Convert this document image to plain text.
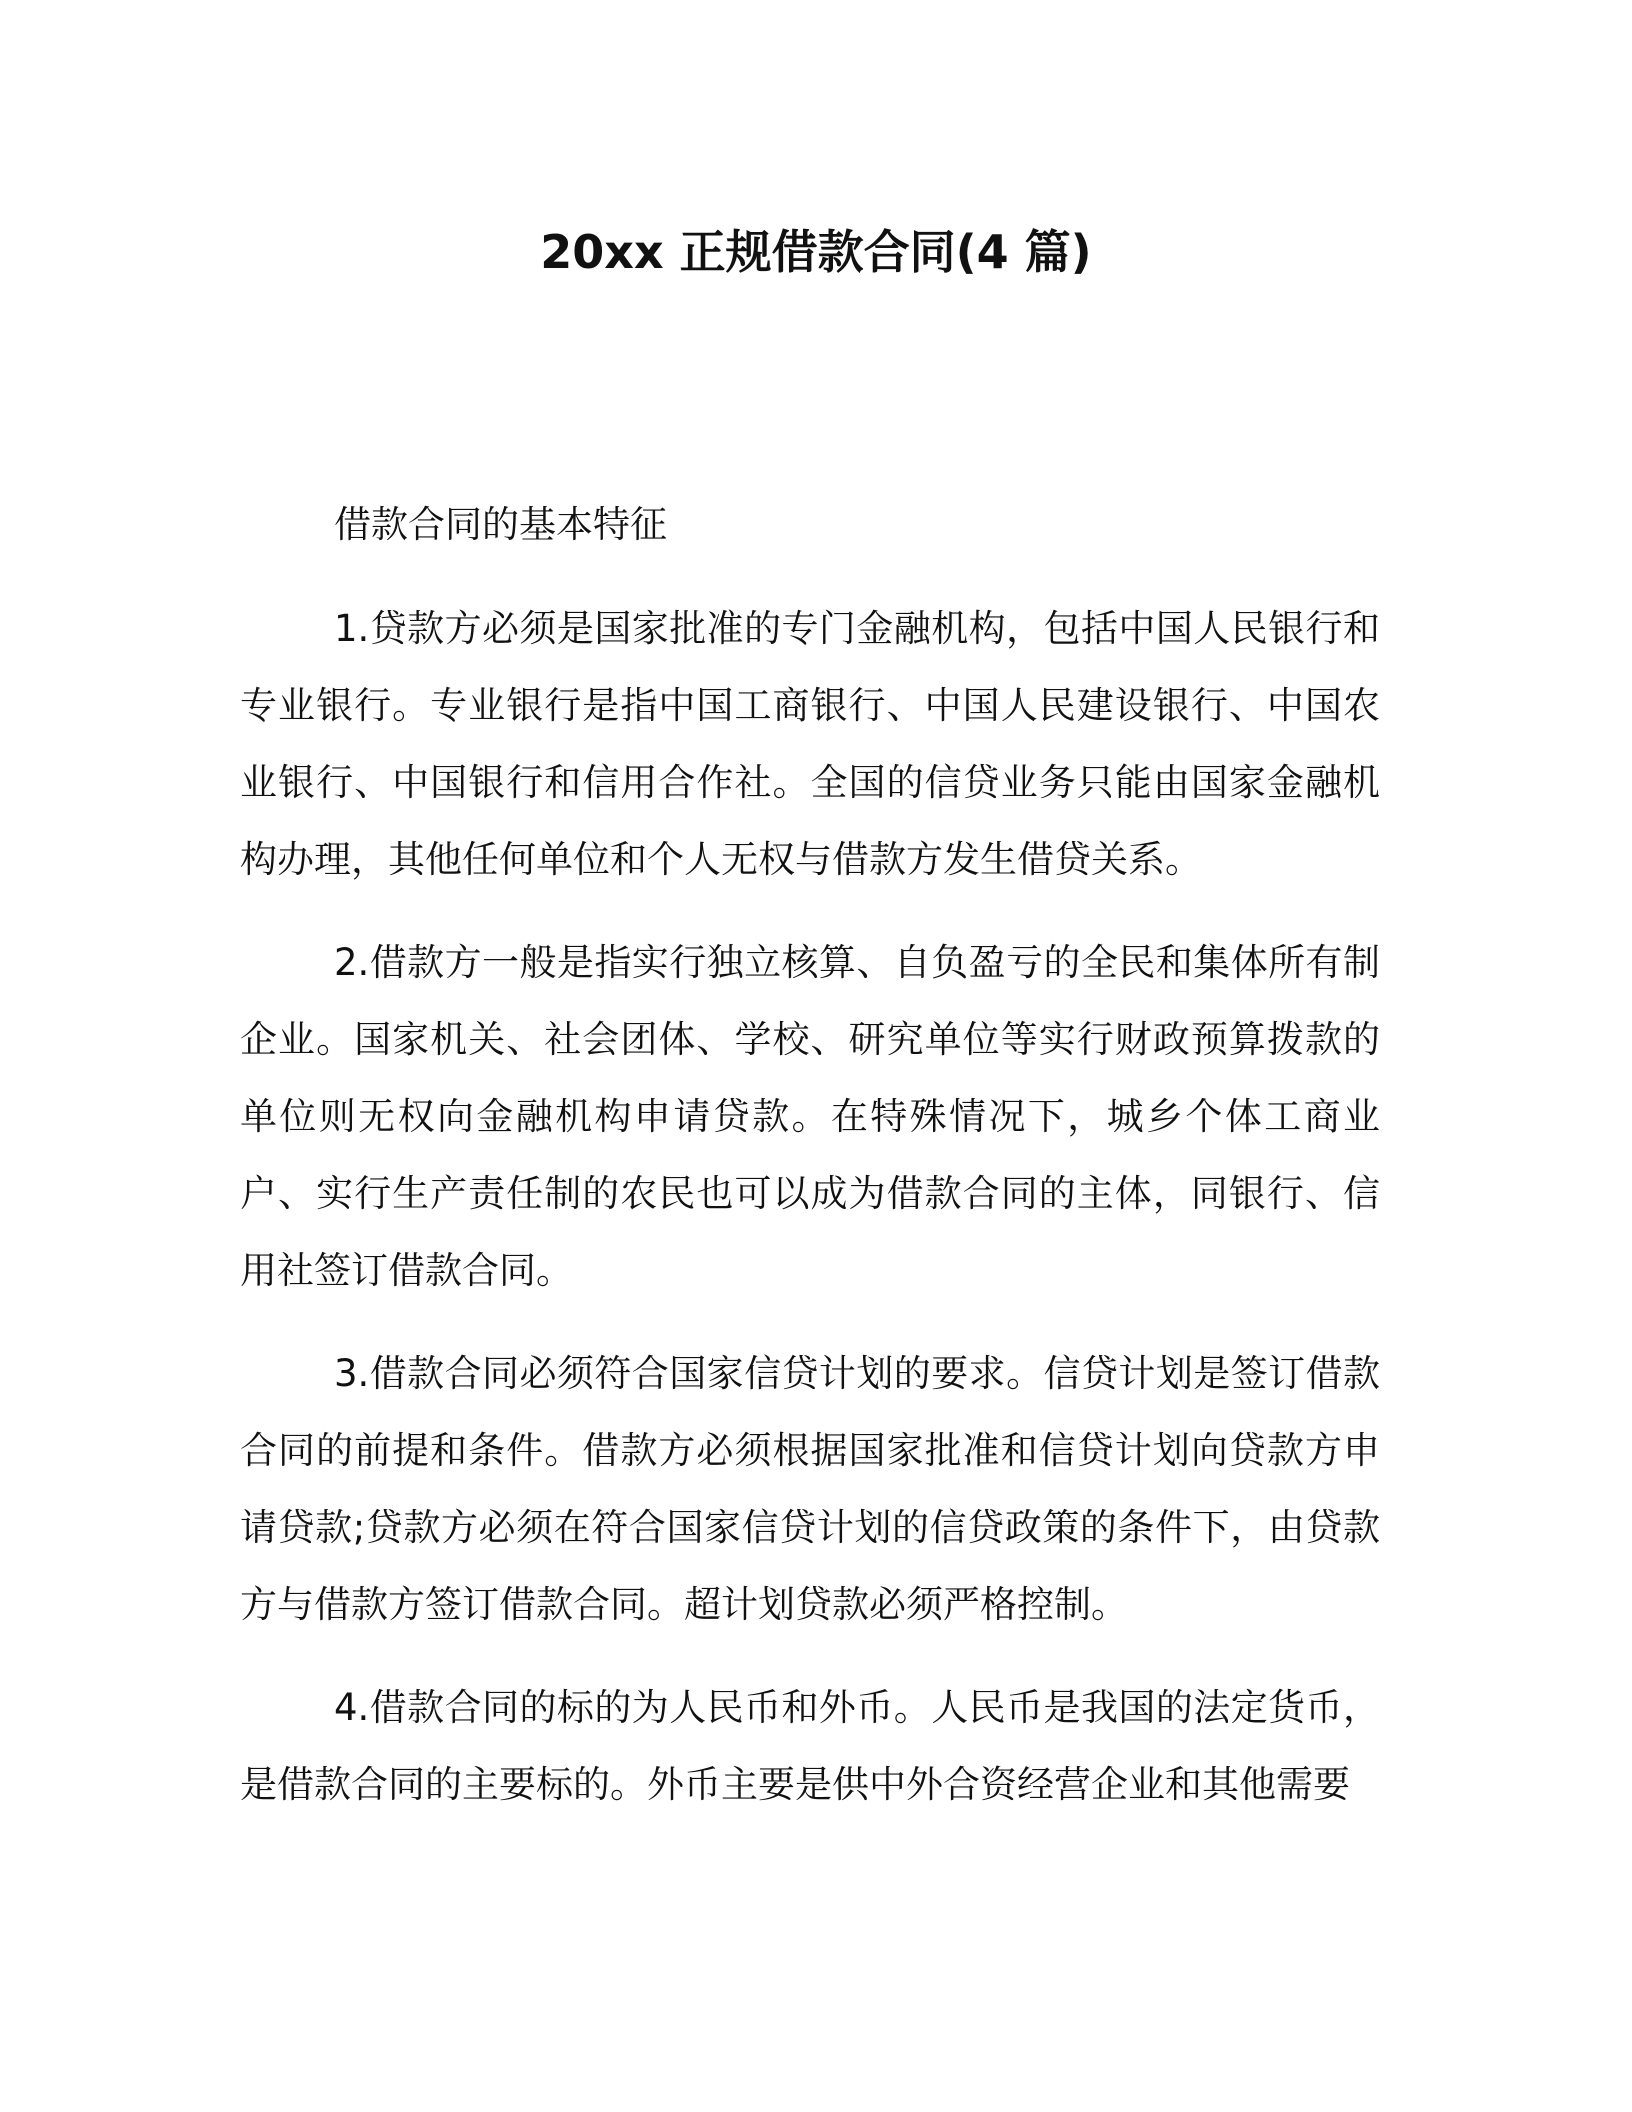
20xx 正规借款合同(4 篇)

借款合同的基本特征

1.贷款方必须是国家批准的专门金融机构，包括中国人民银行和专业银行。专业银行是指中国工商银行、中国人民建设银行、中国农业银行、中国银行和信用合作社。全国的信贷业务只能由国家金融机构办理，其他任何单位和个人无权与借款方发生借贷关系。

2.借款方一般是指实行独立核算、自负盈亏的全民和集体所有制企业。国家机关、社会团体、学校、研究单位等实行财政预算拨款的单位则无权向金融机构申请贷款。在特殊情况下，城乡个体工商业户、实行生产责任制的农民也可以成为借款合同的主体，同银行、信用社签订借款合同。

3.借款合同必须符合国家信贷计划的要求。信贷计划是签订借款合同的前提和条件。借款方必须根据国家批准和信贷计划向贷款方申请贷款;贷款方必须在符合国家信贷计划的信贷政策的条件下，由贷款方与借款方签订借款合同。超计划贷款必须严格控制。

4.借款合同的标的为人民币和外币。人民币是我国的法定货币，是借款合同的主要标的。外币主要是供中外合资经营企业和其他需要
